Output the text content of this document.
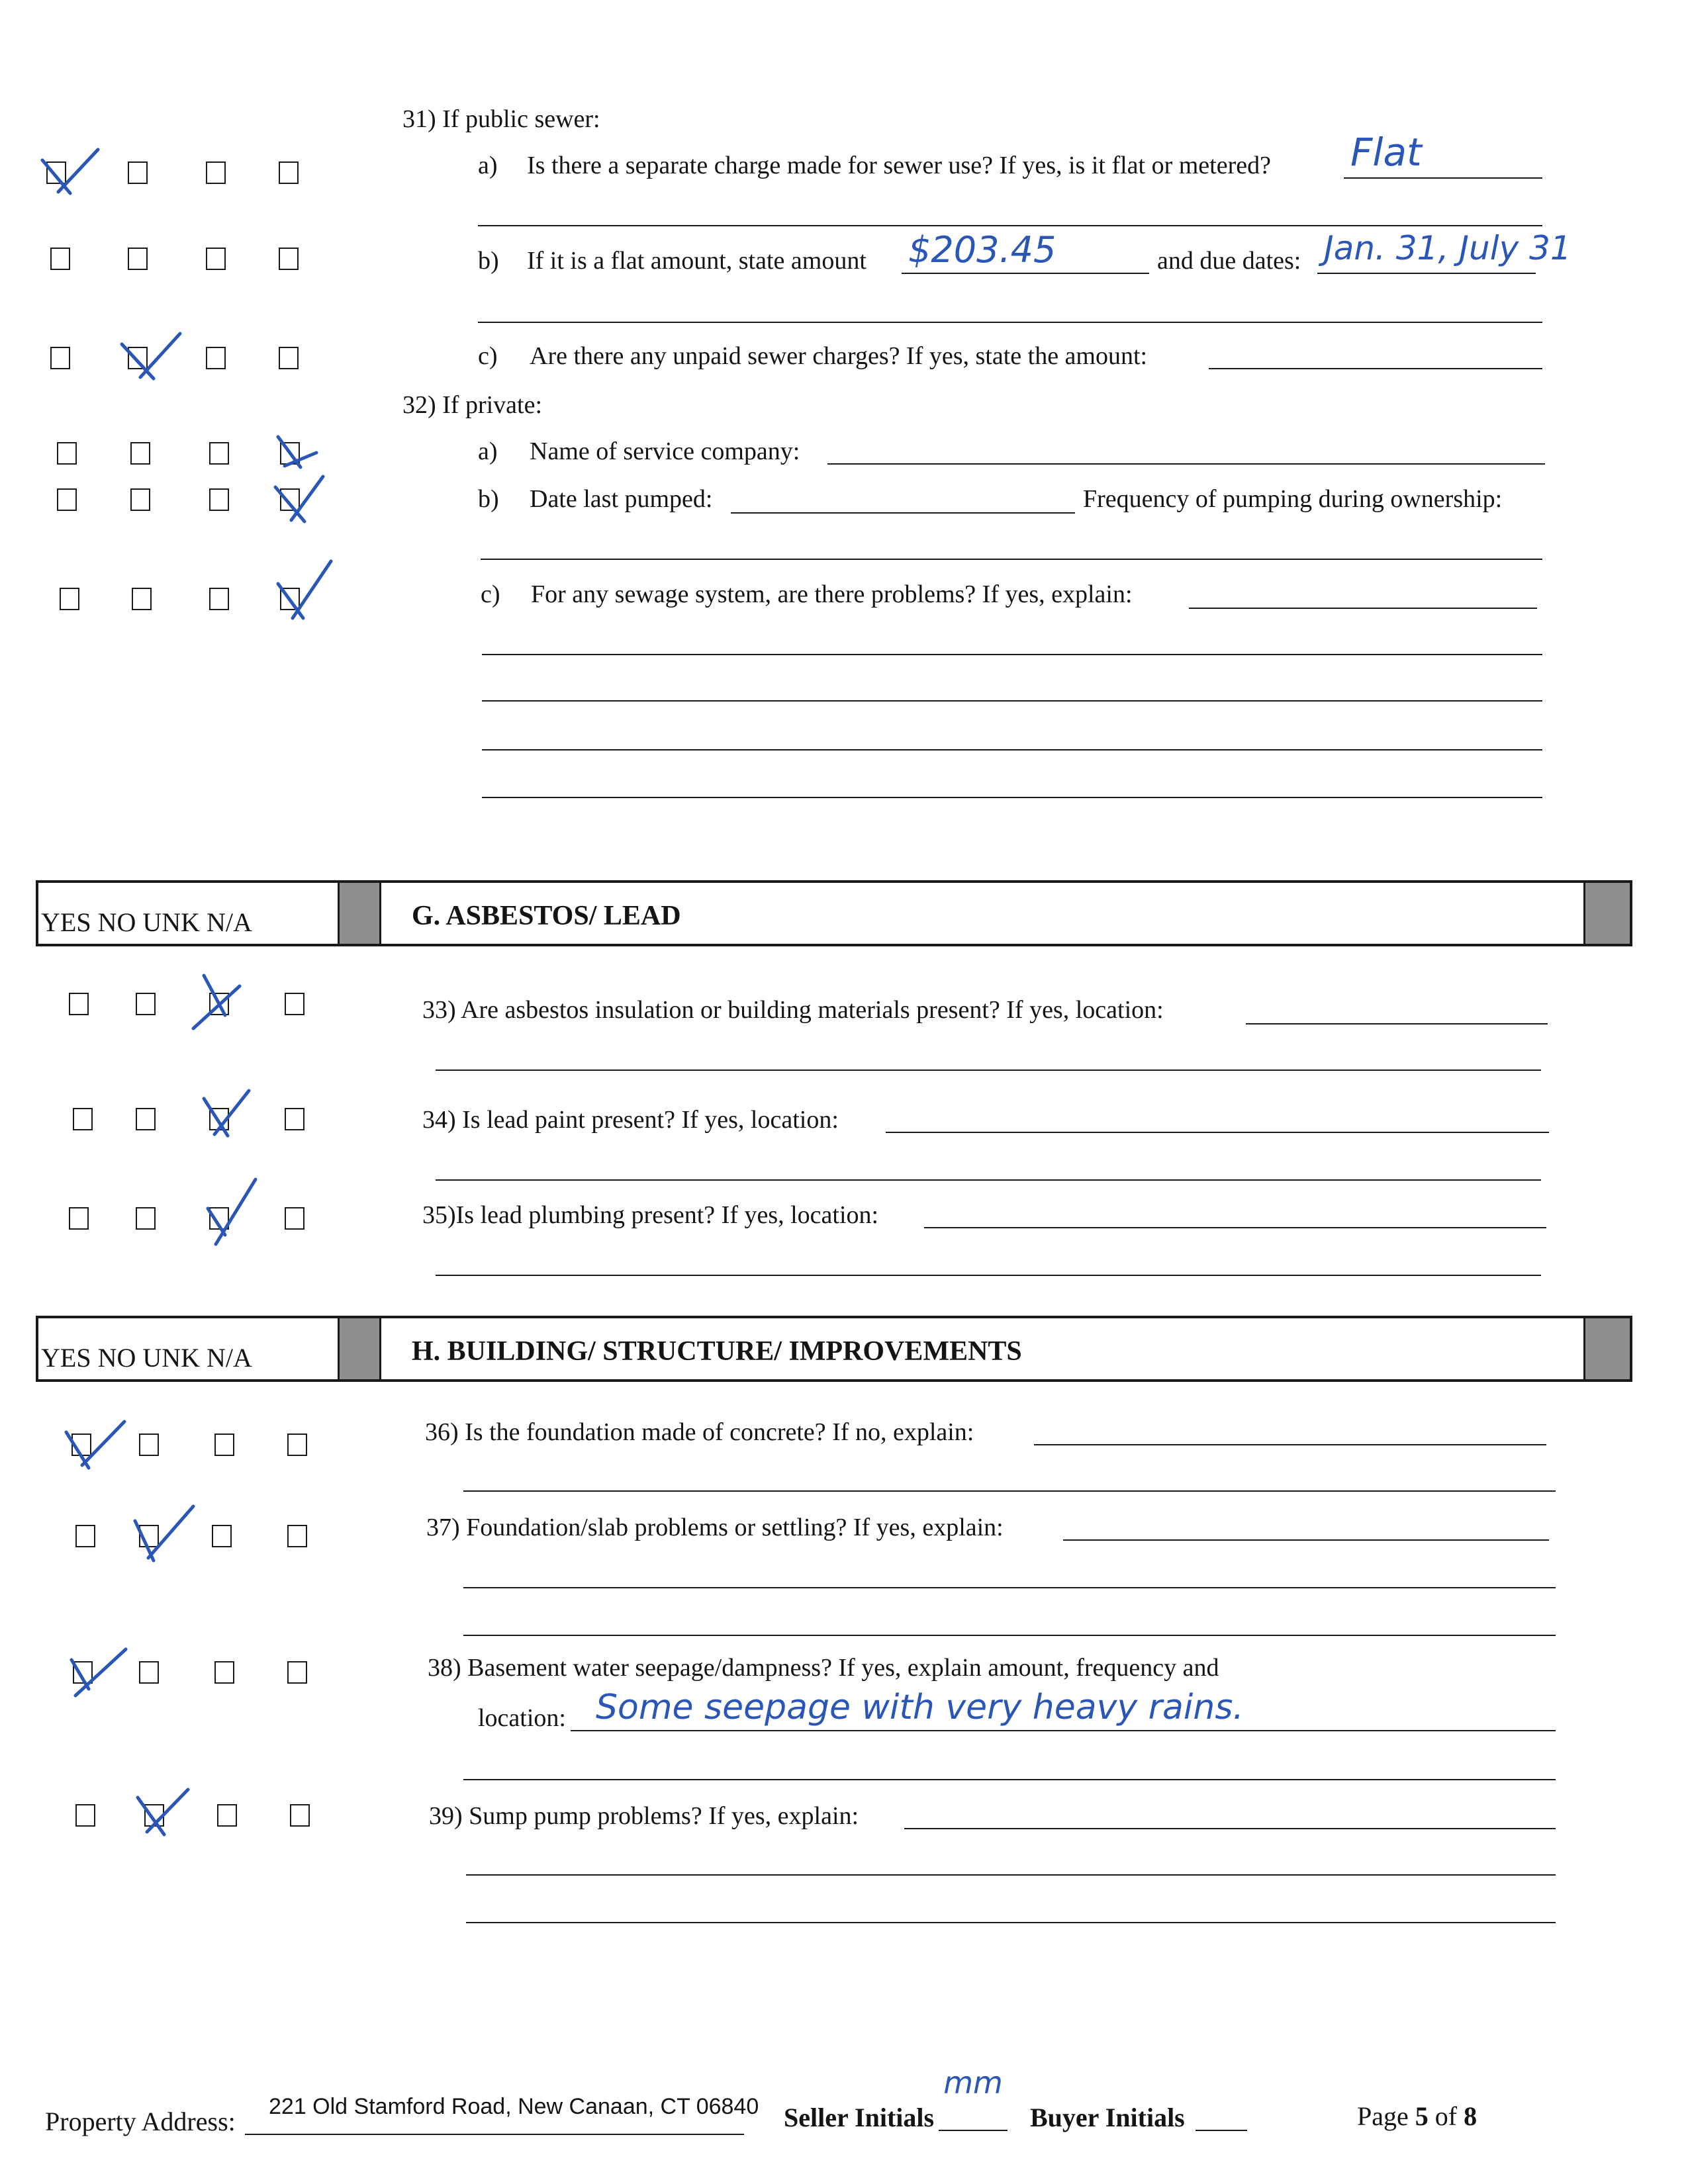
31) If public sewer:
a) Is there a separate charge made for sewer use? If yes, is it flat or metered? Flat
b) If it is a flat amount, state amount $203.45	and due dates: Jan. 31, July 31
c) Are there any unpaid sewer charges? If yes, state the amount:
32) If private:
a) Name of service company:
b) Date last pumped:	Frequency of pumping during ownership:
c) For any sewage system, are there problems? If yes, explain:
YES NO UNK N/A	G. ASBESTOS/ LEAD
33) Are asbestos insulation or building materials present? If yes, location:
34) Is lead paint present? If yes, location:
35)Is lead plumbing present? If yes, location:
YES NO UNK N/A	H. BUILDING/ STRUCTURE/ IMPROVEMENTS
36) Is the foundation made of concrete? If no, explain:
37) Foundation/slab problems or settling? If yes, explain:
38) Basement water seepage/dampness? If yes, explain amount, frequency and
location: Some seepage with very heavy rains.
39) Sump pump problems? If yes, explain:
Property Address: 221 Old Stamford Road, New Canaan, CT 06840 Seller Initials
mm
Buyer Initials	Page 5 of 8
